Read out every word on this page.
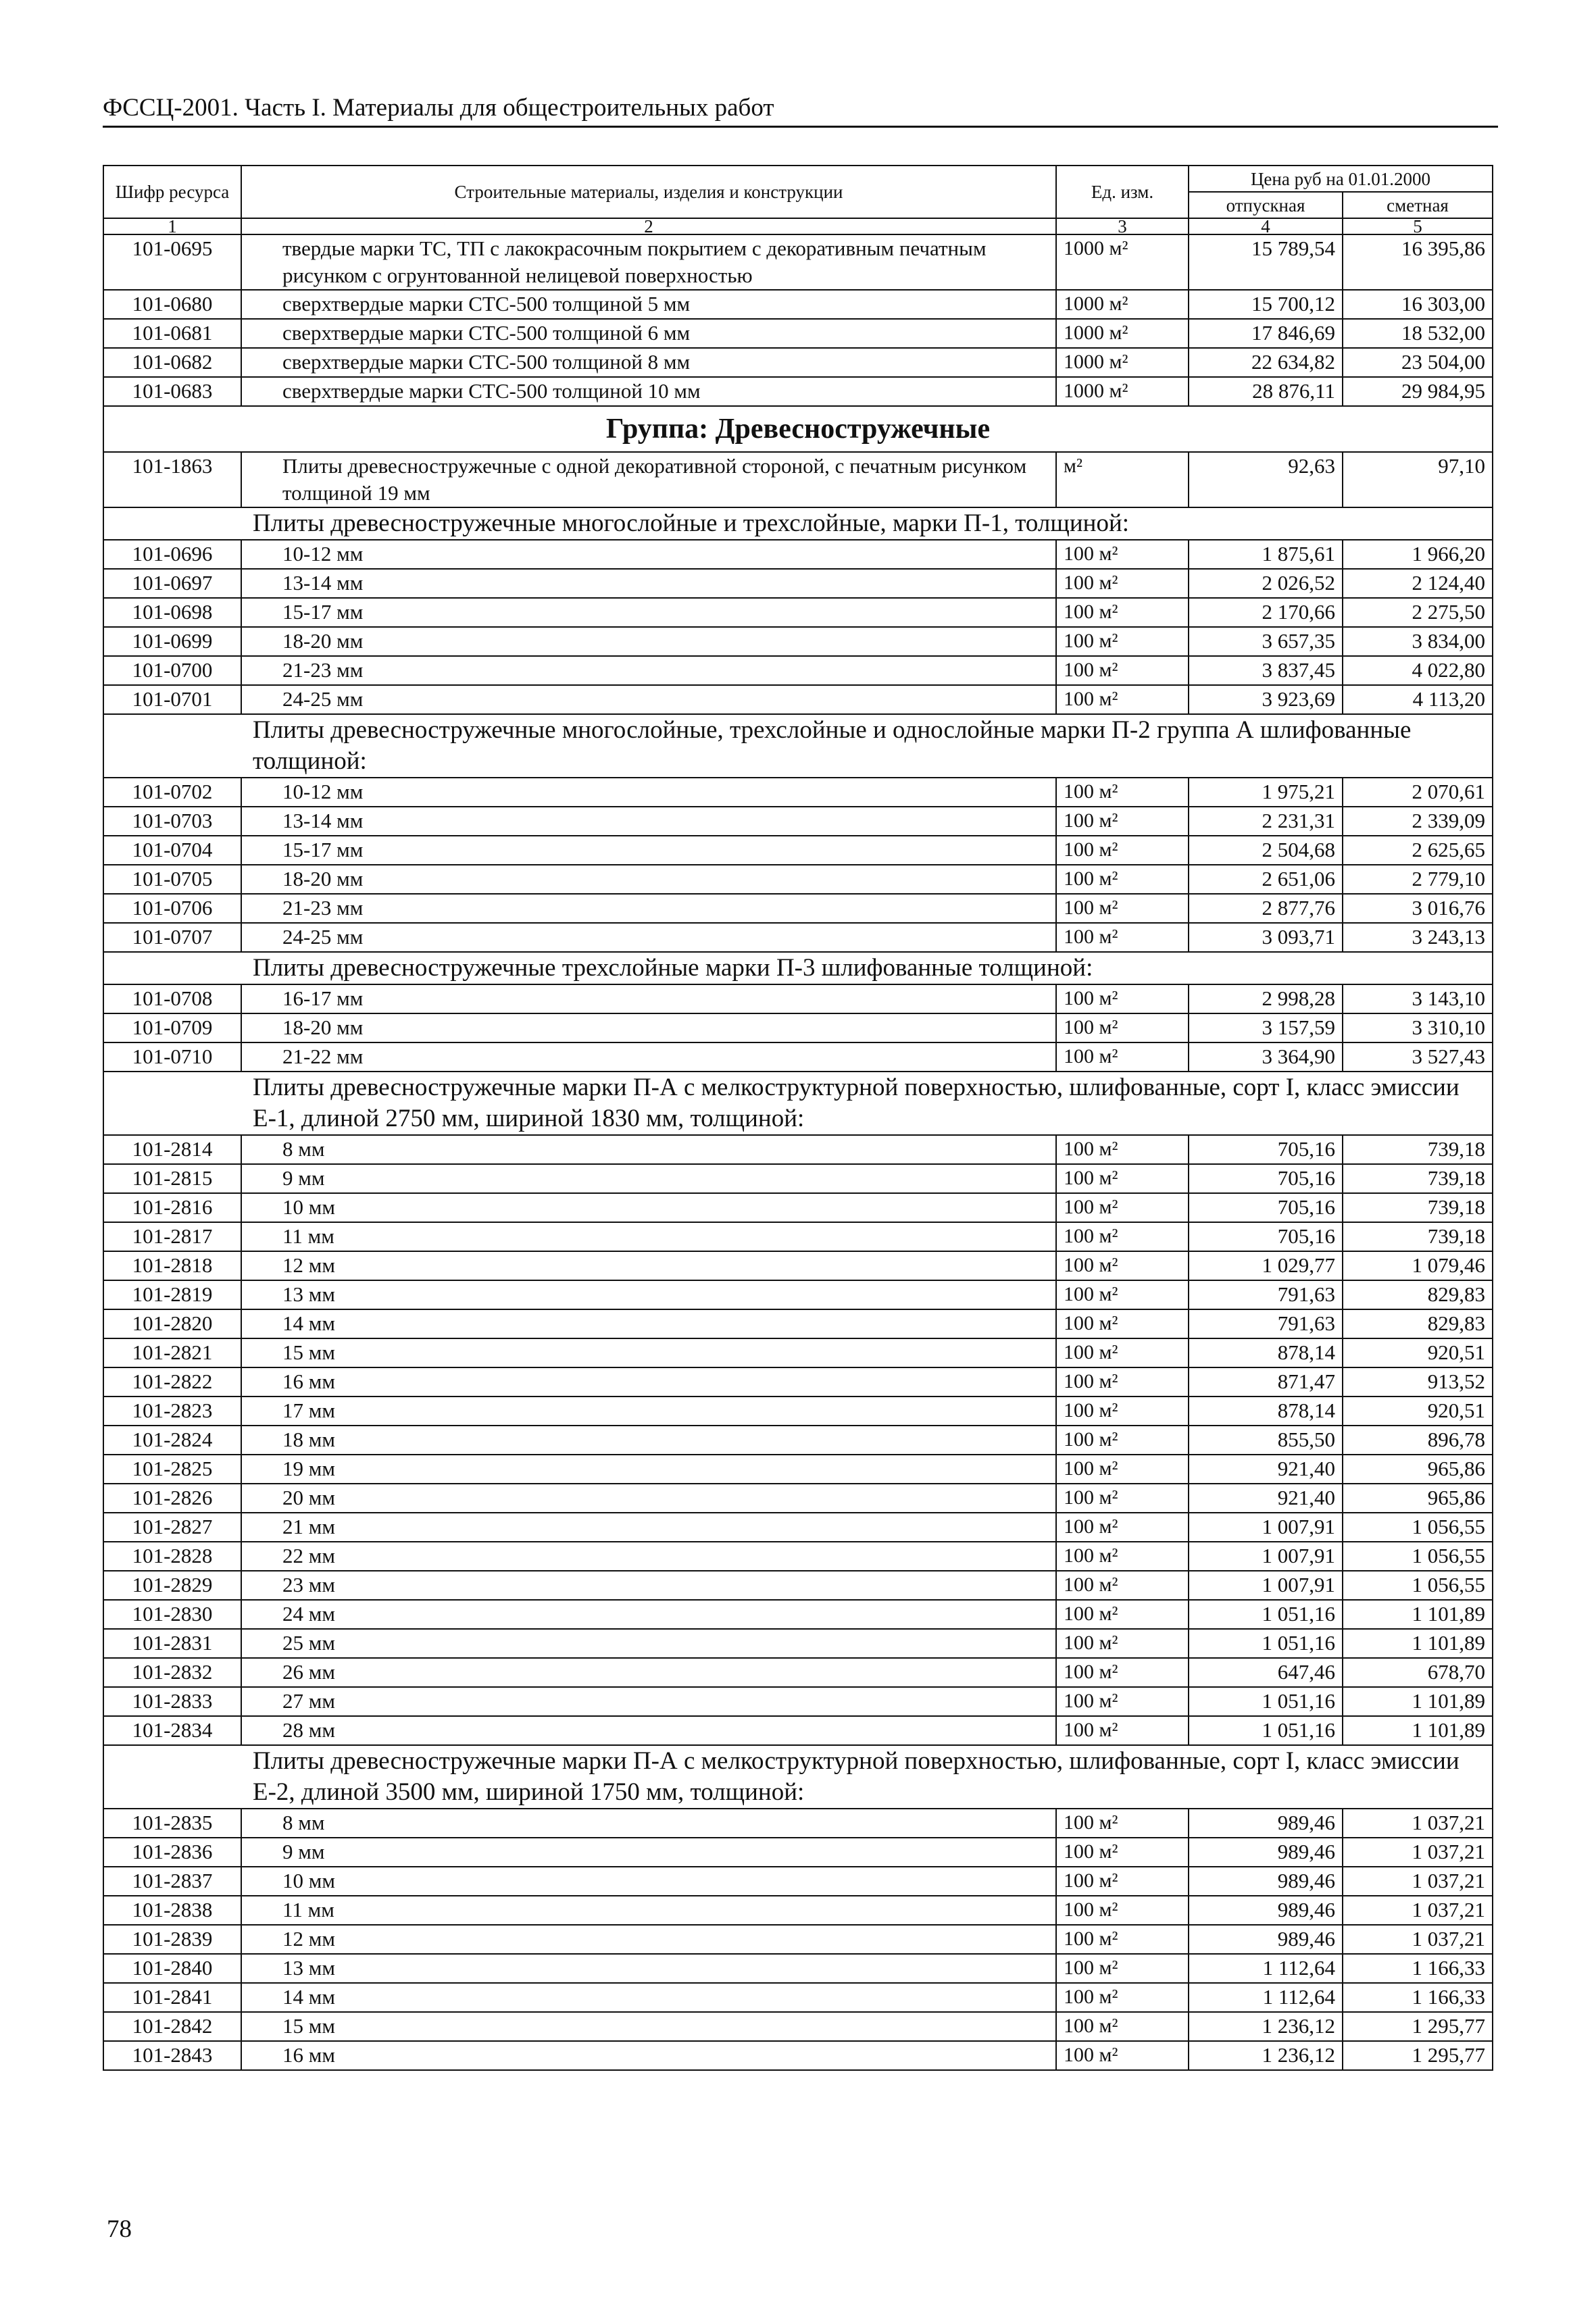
ФССЦ-2001. Часть I. Материалы для общестроительных работ
Шифр ресурса	Строительные материалы, изделия и конструкции	Ед. изм.	Цена руб на 01.01.2000	
			отпускная	сметная
1	2	3	4	5
101-0695	твердые марки ТС, ТП с лакокрасочным покрытием с декоративным печатным рисунком с огрунтованной нелицевой поверхностью	1000 м²	15 789,54	16 395,86
101-0680	сверхтвердые марки СТС-500 толщиной 5 мм	1000 м²	15 700,12	16 303,00
101-0681	сверхтвердые марки СТС-500 толщиной 6 мм	1000 м²	17 846,69	18 532,00
101-0682	сверхтвердые марки СТС-500 толщиной 8 мм	1000 м²	22 634,82	23 504,00
101-0683	сверхтвердые марки СТС-500 толщиной 10 мм	1000 м²	28 876,11	29 984,95
Группа: Древесностружечные				
101-1863	Плиты древесностружечные с одной декоративной стороной, с печатным рисунком толщиной 19 мм	м²	92,63	97,10
Плиты древесностружечные многослойные и трехслойные, марки П-1, толщиной:				
101-0696	10-12 мм	100 м²	1 875,61	1 966,20
101-0697	13-14 мм	100 м²	2 026,52	2 124,40
101-0698	15-17 мм	100 м²	2 170,66	2 275,50
101-0699	18-20 мм	100 м²	3 657,35	3 834,00
101-0700	21-23 мм	100 м²	3 837,45	4 022,80
101-0701	24-25 мм	100 м²	3 923,69	4 113,20
Плиты древесностружечные многослойные, трехслойные и однослойные марки П-2 группа А шлифованные толщиной:				
101-0702	10-12 мм	100 м²	1 975,21	2 070,61
101-0703	13-14 мм	100 м²	2 231,31	2 339,09
101-0704	15-17 мм	100 м²	2 504,68	2 625,65
101-0705	18-20 мм	100 м²	2 651,06	2 779,10
101-0706	21-23 мм	100 м²	2 877,76	3 016,76
101-0707	24-25 мм	100 м²	3 093,71	3 243,13
Плиты древесностружечные трехслойные марки П-3 шлифованные толщиной:				
101-0708	16-17 мм	100 м²	2 998,28	3 143,10
101-0709	18-20 мм	100 м²	3 157,59	3 310,10
101-0710	21-22 мм	100 м²	3 364,90	3 527,43
Плиты древесностружечные марки П-А с мелкоструктурной поверхностью, шлифованные, сорт I, класс эмиссии Е-1, длиной 2750 мм, шириной 1830 мм, толщиной:				
101-2814	8 мм	100 м²	705,16	739,18
101-2815	9 мм	100 м²	705,16	739,18
101-2816	10 мм	100 м²	705,16	739,18
101-2817	11 мм	100 м²	705,16	739,18
101-2818	12 мм	100 м²	1 029,77	1 079,46
101-2819	13 мм	100 м²	791,63	829,83
101-2820	14 мм	100 м²	791,63	829,83
101-2821	15 мм	100 м²	878,14	920,51
101-2822	16 мм	100 м²	871,47	913,52
101-2823	17 мм	100 м²	878,14	920,51
101-2824	18 мм	100 м²	855,50	896,78
101-2825	19 мм	100 м²	921,40	965,86
101-2826	20 мм	100 м²	921,40	965,86
101-2827	21 мм	100 м²	1 007,91	1 056,55
101-2828	22 мм	100 м²	1 007,91	1 056,55
101-2829	23 мм	100 м²	1 007,91	1 056,55
101-2830	24 мм	100 м²	1 051,16	1 101,89
101-2831	25 мм	100 м²	1 051,16	1 101,89
101-2832	26 мм	100 м²	647,46	678,70
101-2833	27 мм	100 м²	1 051,16	1 101,89
101-2834	28 мм	100 м²	1 051,16	1 101,89
Плиты древесностружечные марки П-А с мелкоструктурной поверхностью, шлифованные, сорт I, класс эмиссии Е-2, длиной 3500 мм, шириной 1750 мм, толщиной:				
101-2835	8 мм	100 м²	989,46	1 037,21
101-2836	9 мм	100 м²	989,46	1 037,21
101-2837	10 мм	100 м²	989,46	1 037,21
101-2838	11 мм	100 м²	989,46	1 037,21
101-2839	12 мм	100 м²	989,46	1 037,21
101-2840	13 мм	100 м²	1 112,64	1 166,33
101-2841	14 мм	100 м²	1 112,64	1 166,33
101-2842	15 мм	100 м²	1 236,12	1 295,77
101-2843	16 мм	100 м²	1 236,12	1 295,77
78
